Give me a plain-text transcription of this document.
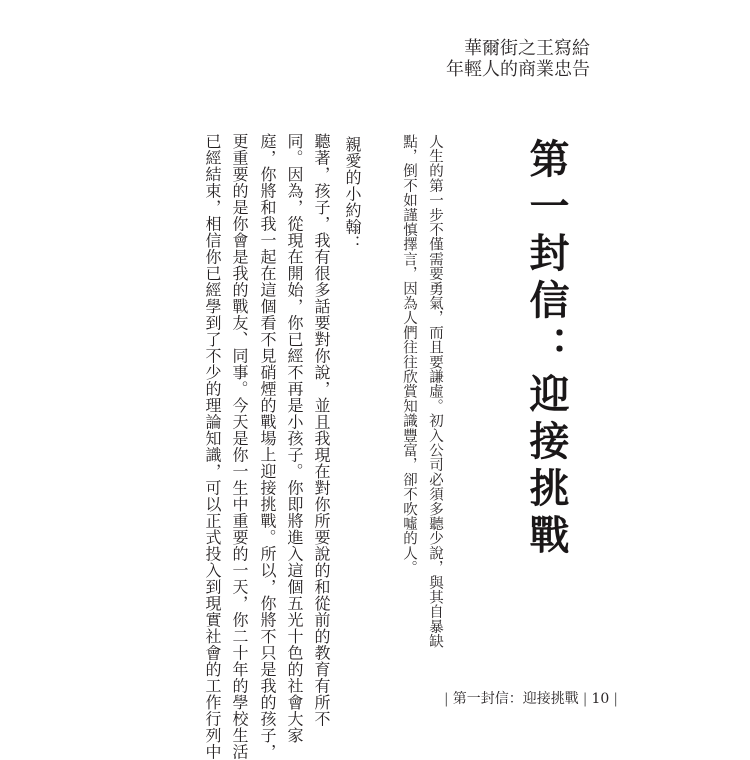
華爾街之王寫給
年輕人的商業忠告
第一封信：迎接挑戰
人生的第一步不僅需要勇氣，而且要謙虛。初入公司必須多聽少說，與其自暴缺
點，倒不如謹慎擇言，因為人們往往欣賞知識豐富，卻不吹噓的人。
親愛的小約翰：
聽著，孩子，我有很多話要對你說，並且我現在對你所要說的和從前的教育有所不
同。因為，從現在開始，你已經不再是小孩子。你即將進入這個五光十色的社會大家
庭，你將和我一起在這個看不見硝煙的戰場上迎接挑戰。所以，你將不只是我的孩子，
更重要的是你會是我的戰友、同事。今天是你一生中重要的一天，你二十年的學校生活
已經結束，相信你已經學到了不少的理論知識，可以正式投入到現實社會的工作行列中	| 第一封信：迎接挑戰 | 10 |
